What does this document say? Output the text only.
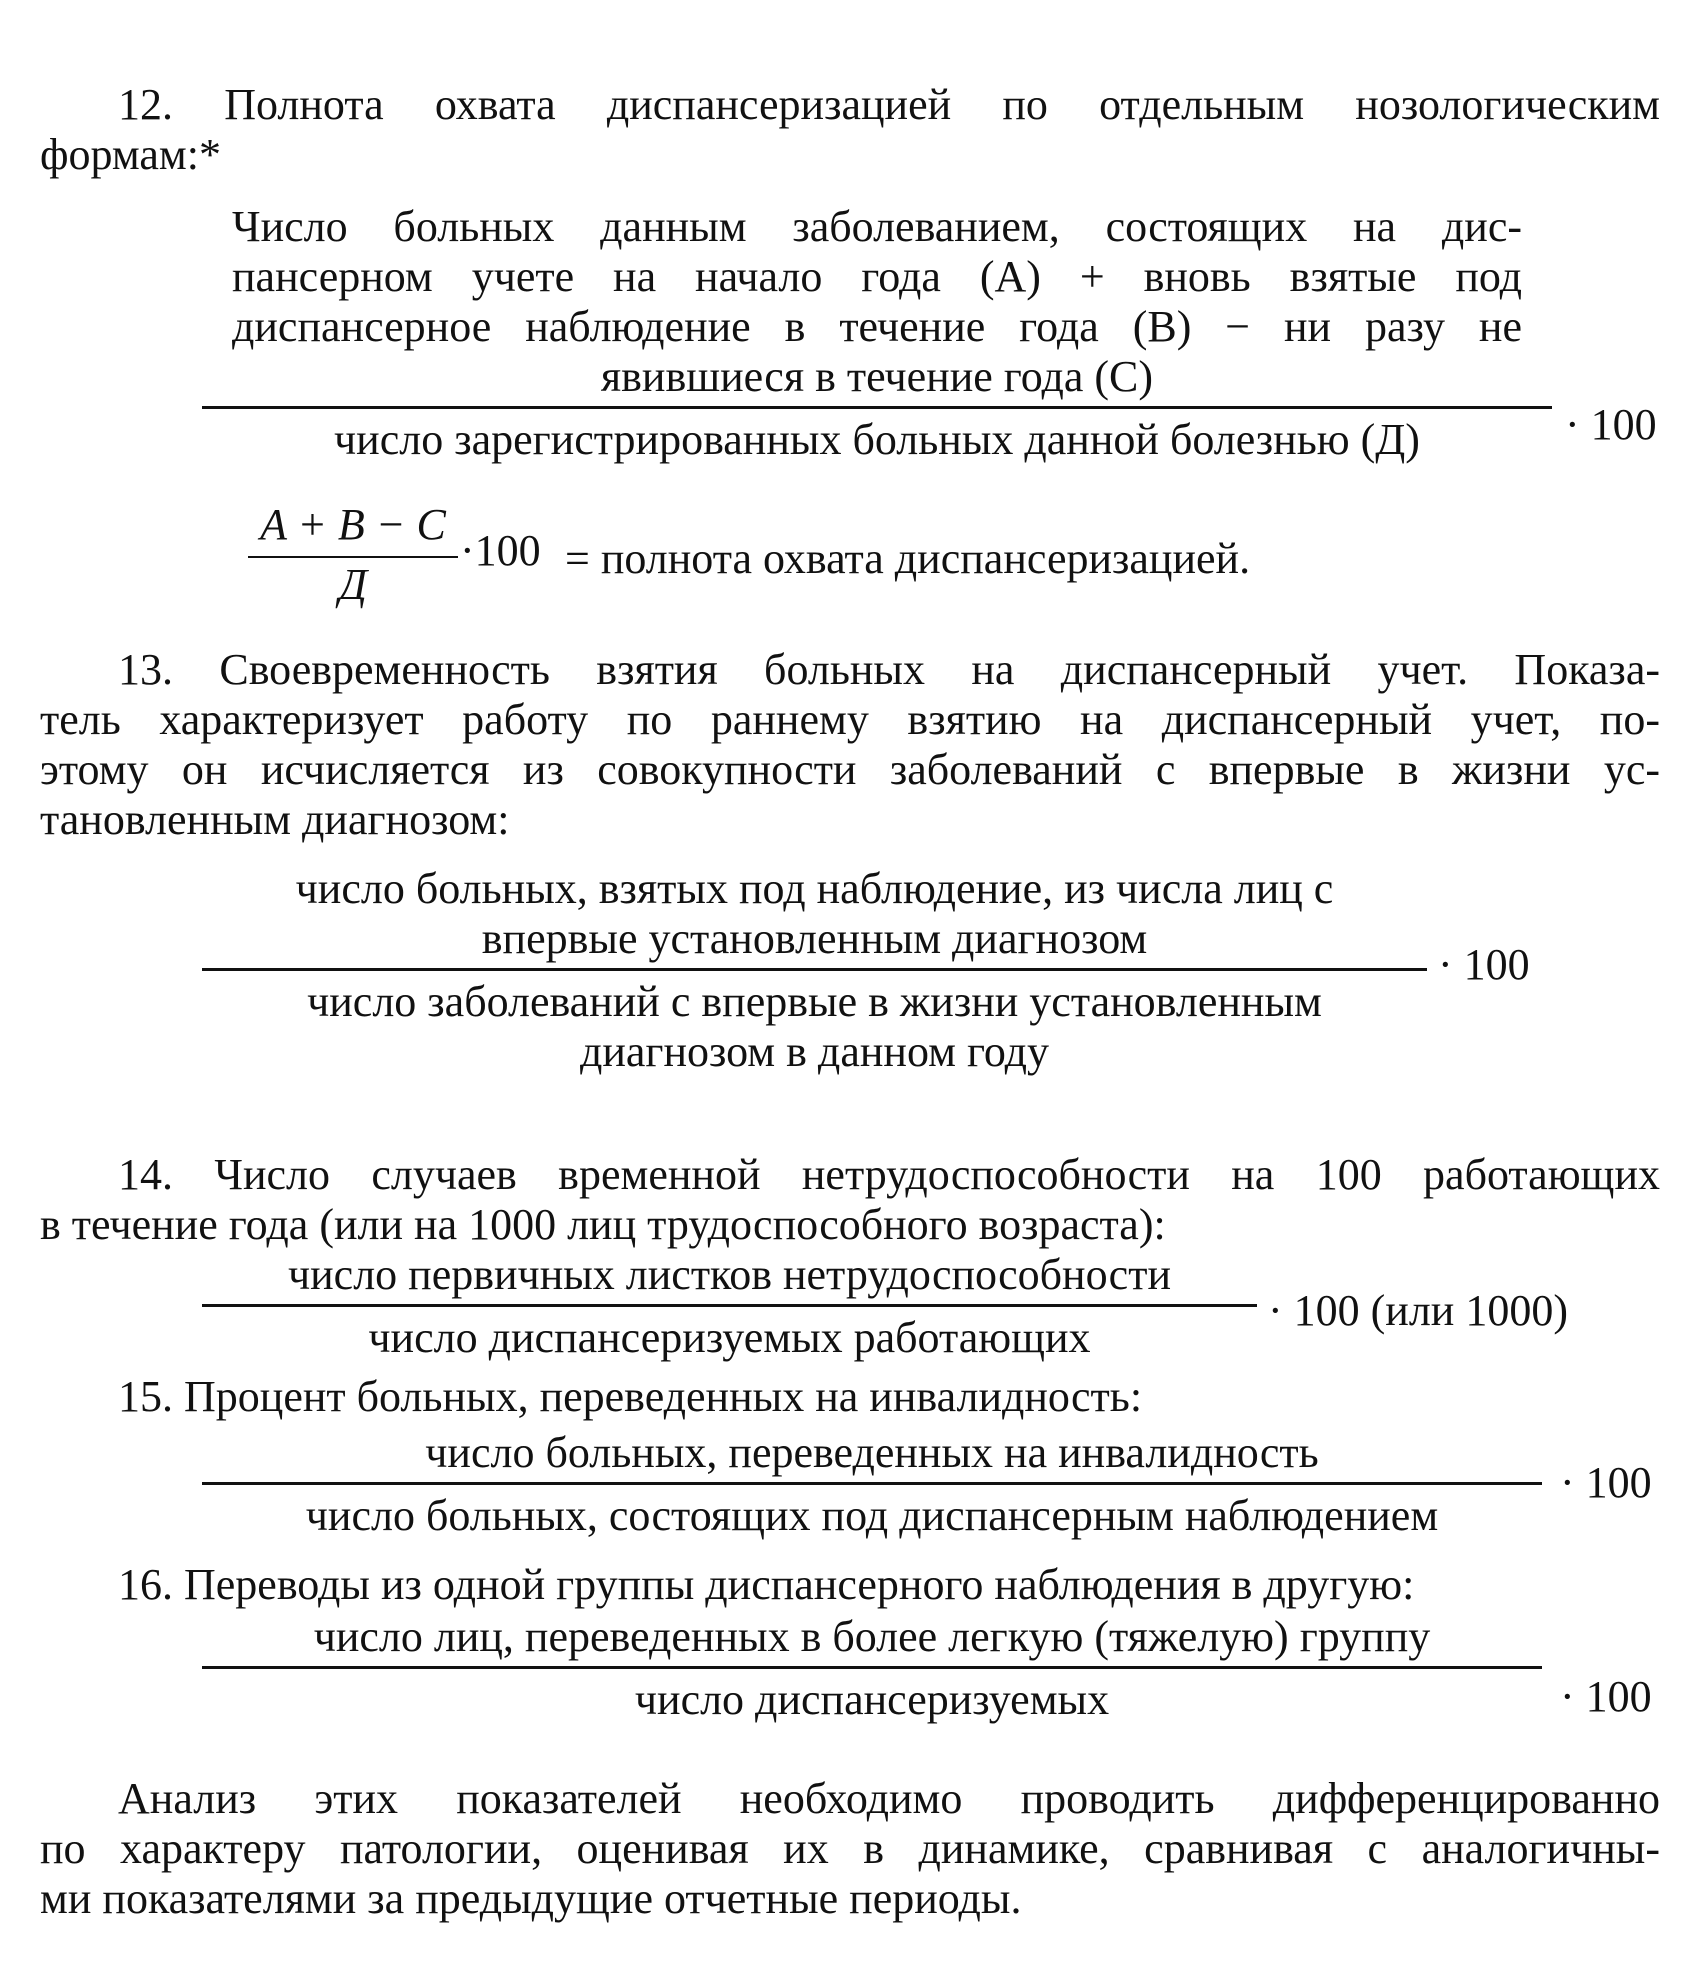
12. Полнота охвата диспансеризацией по отдельным нозологическим
формам:*
Число больных данным заболеванием, состоящих на дис-
пансерном учете на начало года (А) + вновь взятые под
диспансерное наблюдение в течение года (В) − ни разу не
явившиеся в течение года (С)
число зарегистрированных больных данной болезнью (Д)	· 100
A + B − C
Д
·100 = полнота охвата диспансеризацией.
13. Своевременность взятия больных на диспансерный учет. Показа-
тель характеризует работу по раннему взятию на диспансерный учет, по-
этому он исчисляется из совокупности заболеваний с впервые в жизни ус-
тановленным диагнозом:
число больных, взятых под наблюдение, из числа лиц с
впервые установленным диагнозом
число заболеваний с впервые в жизни установленным
диагнозом в данном году
· 100
14. Число случаев временной нетрудоспособности на 100 работающих
в течение года (или на 1000 лиц трудоспособного возраста):
число первичных листков нетрудоспособности
число диспансеризуемых работающих
· 100 (или 1000)
15. Процент больных, переведенных на инвалидность:
число больных, переведенных на инвалидность
число больных, состоящих под диспансерным наблюдением
· 100
16. Переводы из одной группы диспансерного наблюдения в другую:
число лиц, переведенных в более легкую (тяжелую) группу
число диспансеризуемых	· 100
Анализ этих показателей необходимо проводить дифференцированно
по характеру патологии, оценивая их в динамике, сравнивая с аналогичны-
ми показателями за предыдущие отчетные периоды.
